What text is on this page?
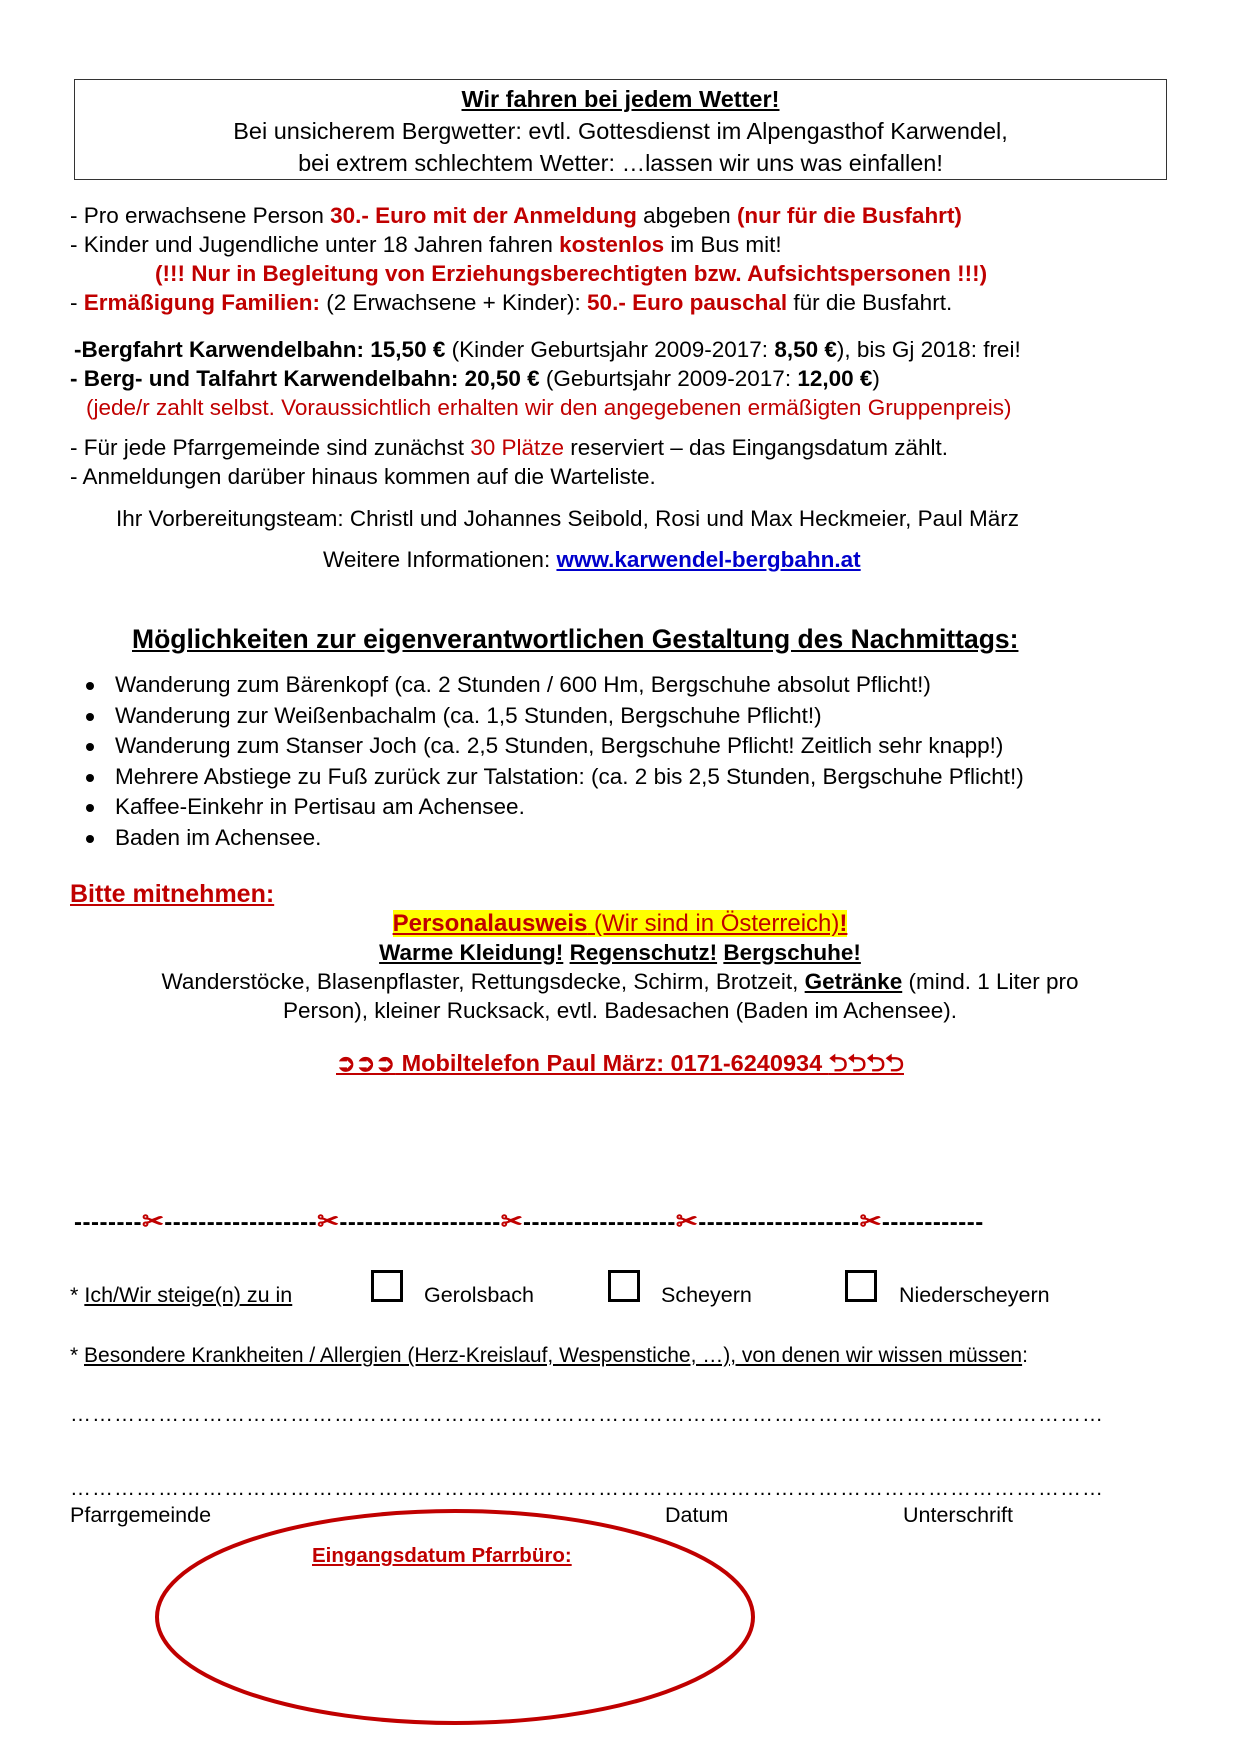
Wir fahren bei jedem Wetter!
Bei unsicherem Bergwetter: evtl. Gottesdienst im Alpengasthof Karwendel,
bei extrem schlechtem Wetter: …lassen wir uns was einfallen!
- Pro erwachsene Person 30.- Euro mit der Anmeldung abgeben (nur für die Busfahrt)
- Kinder und Jugendliche unter 18 Jahren fahren kostenlos im Bus mit!
(!!! Nur in Begleitung von Erziehungsberechtigten bzw. Aufsichtspersonen !!!)
- Ermäßigung Familien: (2 Erwachsene + Kinder): 50.- Euro pauschal für die Busfahrt.
-Bergfahrt Karwendelbahn: 15,50 € (Kinder Geburtsjahr 2009-2017: 8,50 €), bis Gj 2018: frei!
- Berg- und Talfahrt Karwendelbahn: 20,50 € (Geburtsjahr 2009-2017: 12,00 €)
(jede/r zahlt selbst. Voraussichtlich erhalten wir den angegebenen ermäßigten Gruppenpreis)
- Für jede Pfarrgemeinde sind zunächst 30 Plätze reserviert – das Eingangsdatum zählt.
- Anmeldungen darüber hinaus kommen auf die Warteliste.
Ihr Vorbereitungsteam: Christl und Johannes Seibold, Rosi und Max Heckmeier, Paul März
Weitere Informationen: www.karwendel-bergbahn.at
Möglichkeiten zur eigenverantwortlichen Gestaltung des Nachmittags:
Wanderung zum Bärenkopf (ca. 2 Stunden / 600 Hm, Bergschuhe absolut Pflicht!)
Wanderung zur Weißenbachalm (ca. 1,5 Stunden, Bergschuhe Pflicht!)
Wanderung zum Stanser Joch (ca. 2,5 Stunden, Bergschuhe Pflicht! Zeitlich sehr knapp!)
Mehrere Abstiege zu Fuß zurück zur Talstation: (ca. 2 bis 2,5 Stunden, Bergschuhe Pflicht!)
Kaffee-Einkehr in Pertisau am Achensee.
Baden im Achensee.
Bitte mitnehmen:
Personalausweis (Wir sind in Österreich)!
Warme Kleidung! Regenschutz! Bergschuhe!
Wanderstöcke, Blasenpflaster, Rettungsdecke, Schirm, Brotzeit, Getränke (mind. 1 Liter pro
Person), kleiner Rucksack, evtl. Badesachen (Baden im Achensee).
➲➲➲ Mobiltelefon Paul März: 0171-6240934 ⮌⮌⮌⮌
--------✂------------------✂-------------------✂------------------✂-------------------✂------------
* Ich/Wir steige(n) zu in	Gerolsbach	Scheyern	Niederscheyern
* Besondere Krankheiten / Allergien (Herz-Kreislauf, Wespenstiche, …), von denen wir wissen müssen:
……………………………………………………………………………………………………………………………
……………………………………………………………………………………………………………………………
Pfarrgemeinde	Datum	Unterschrift
Eingangsdatum Pfarrbüro:
